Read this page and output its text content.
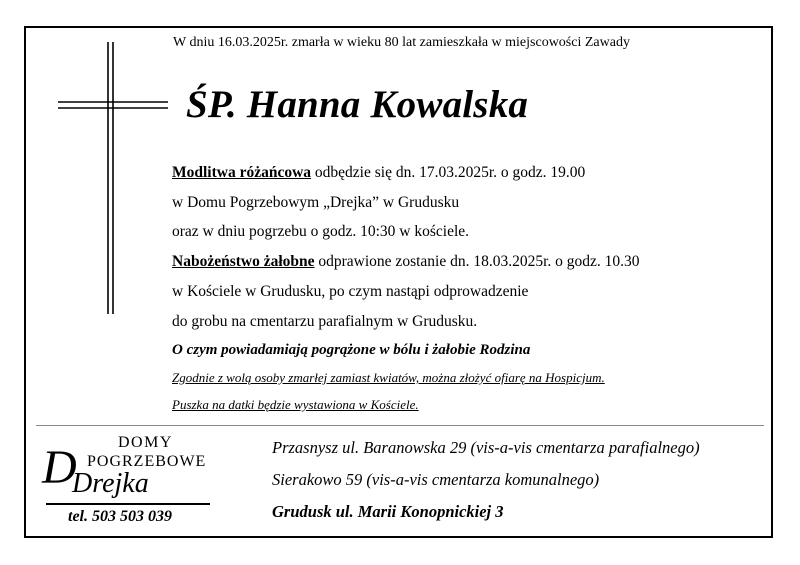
W dniu 16.03.2025r. zmarła w wieku 80 lat zamieszkała w miejscowości Zawady
ŚP. Hanna Kowalska
Modlitwa różańcowa odbędzie się dn. 17.03.2025r. o godz. 19.00
w Domu Pogrzebowym „Drejka” w Grudusku
oraz w dniu pogrzebu o godz. 10:30 w kościele.
Nabożeństwo żałobne odprawione zostanie dn. 18.03.2025r. o godz. 10.30
w Kościele w Grudusku, po czym nastąpi odprowadzenie
do grobu na cmentarzu parafialnym w Grudusku.
O czym powiadamiają pogrążone w bólu i żałobie Rodzina
Zgodnie z wolą osoby zmarłej zamiast kwiatów, można złożyć ofiarę na Hospicjum.
Puszka na datki będzie wystawiona w Kościele.
DOMY
POGRZEBOWE
D
Drejka
tel. 503 503 039
Przasnysz ul. Baranowska 29 (vis-a-vis cmentarza parafialnego)
Sierakowo 59 (vis-a-vis cmentarza komunalnego)
Grudusk ul. Marii Konopnickiej 3
